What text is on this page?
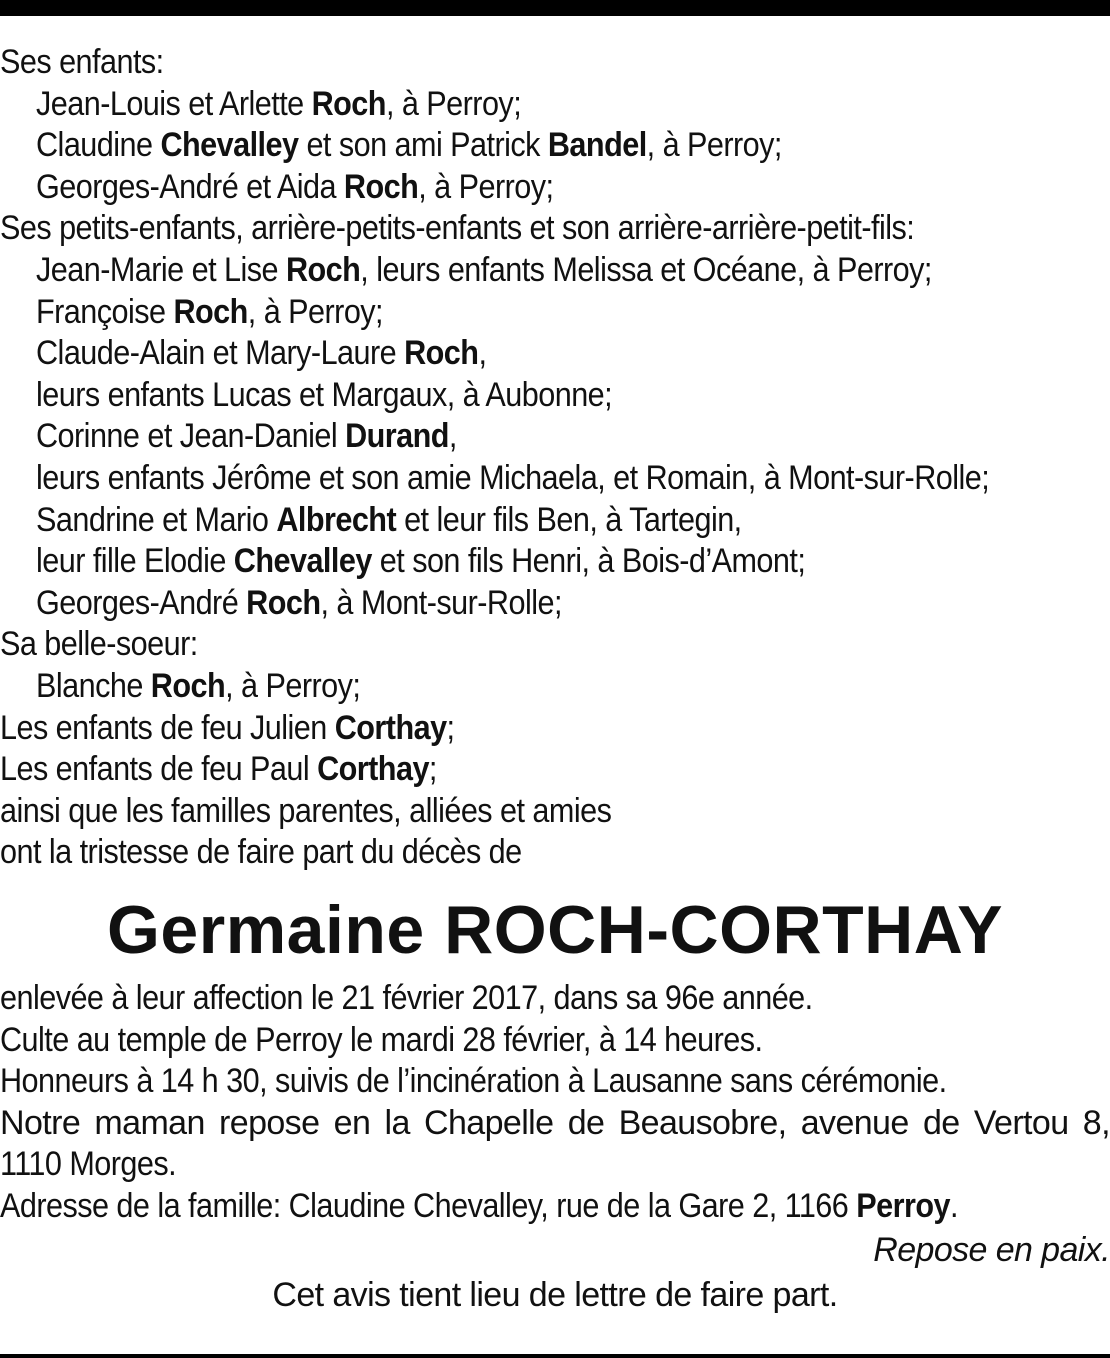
Ses enfants:
Jean-Louis et Arlette Roch, à Perroy;
Claudine Chevalley et son ami Patrick Bandel, à Perroy;
Georges-André et Aida Roch, à Perroy;
Ses petits-enfants, arrière-petits-enfants et son arrière-arrière-petit-fils:
Jean-Marie et Lise Roch, leurs enfants Melissa et Océane, à Perroy;
Françoise Roch, à Perroy;
Claude-Alain et Mary-Laure Roch,
leurs enfants Lucas et Margaux, à Aubonne;
Corinne et Jean-Daniel Durand,
leurs enfants Jérôme et son amie Michaela, et Romain, à Mont-sur-Rolle;
Sandrine et Mario Albrecht et leur fils Ben, à Tartegin,
leur fille Elodie Chevalley et son fils Henri, à Bois-d’Amont;
Georges-André Roch, à Mont-sur-Rolle;
Sa belle-soeur:
Blanche Roch, à Perroy;
Les enfants de feu Julien Corthay;
Les enfants de feu Paul Corthay;
ainsi que les familles parentes, alliées et amies
ont la tristesse de faire part du décès de
Germaine ROCH-CORTHAY
enlevée à leur affection le 21 février 2017, dans sa 96e année.
Culte au temple de Perroy le mardi 28 février, à 14 heures.
Honneurs à 14 h 30, suivis de l’incinération à Lausanne sans cérémonie.
Notre maman repose en la Chapelle de Beausobre, avenue de Vertou 8,
1110 Morges.
Adresse de la famille: Claudine Chevalley, rue de la Gare 2, 1166 Perroy.
Repose en paix.
Cet avis tient lieu de lettre de faire part.
